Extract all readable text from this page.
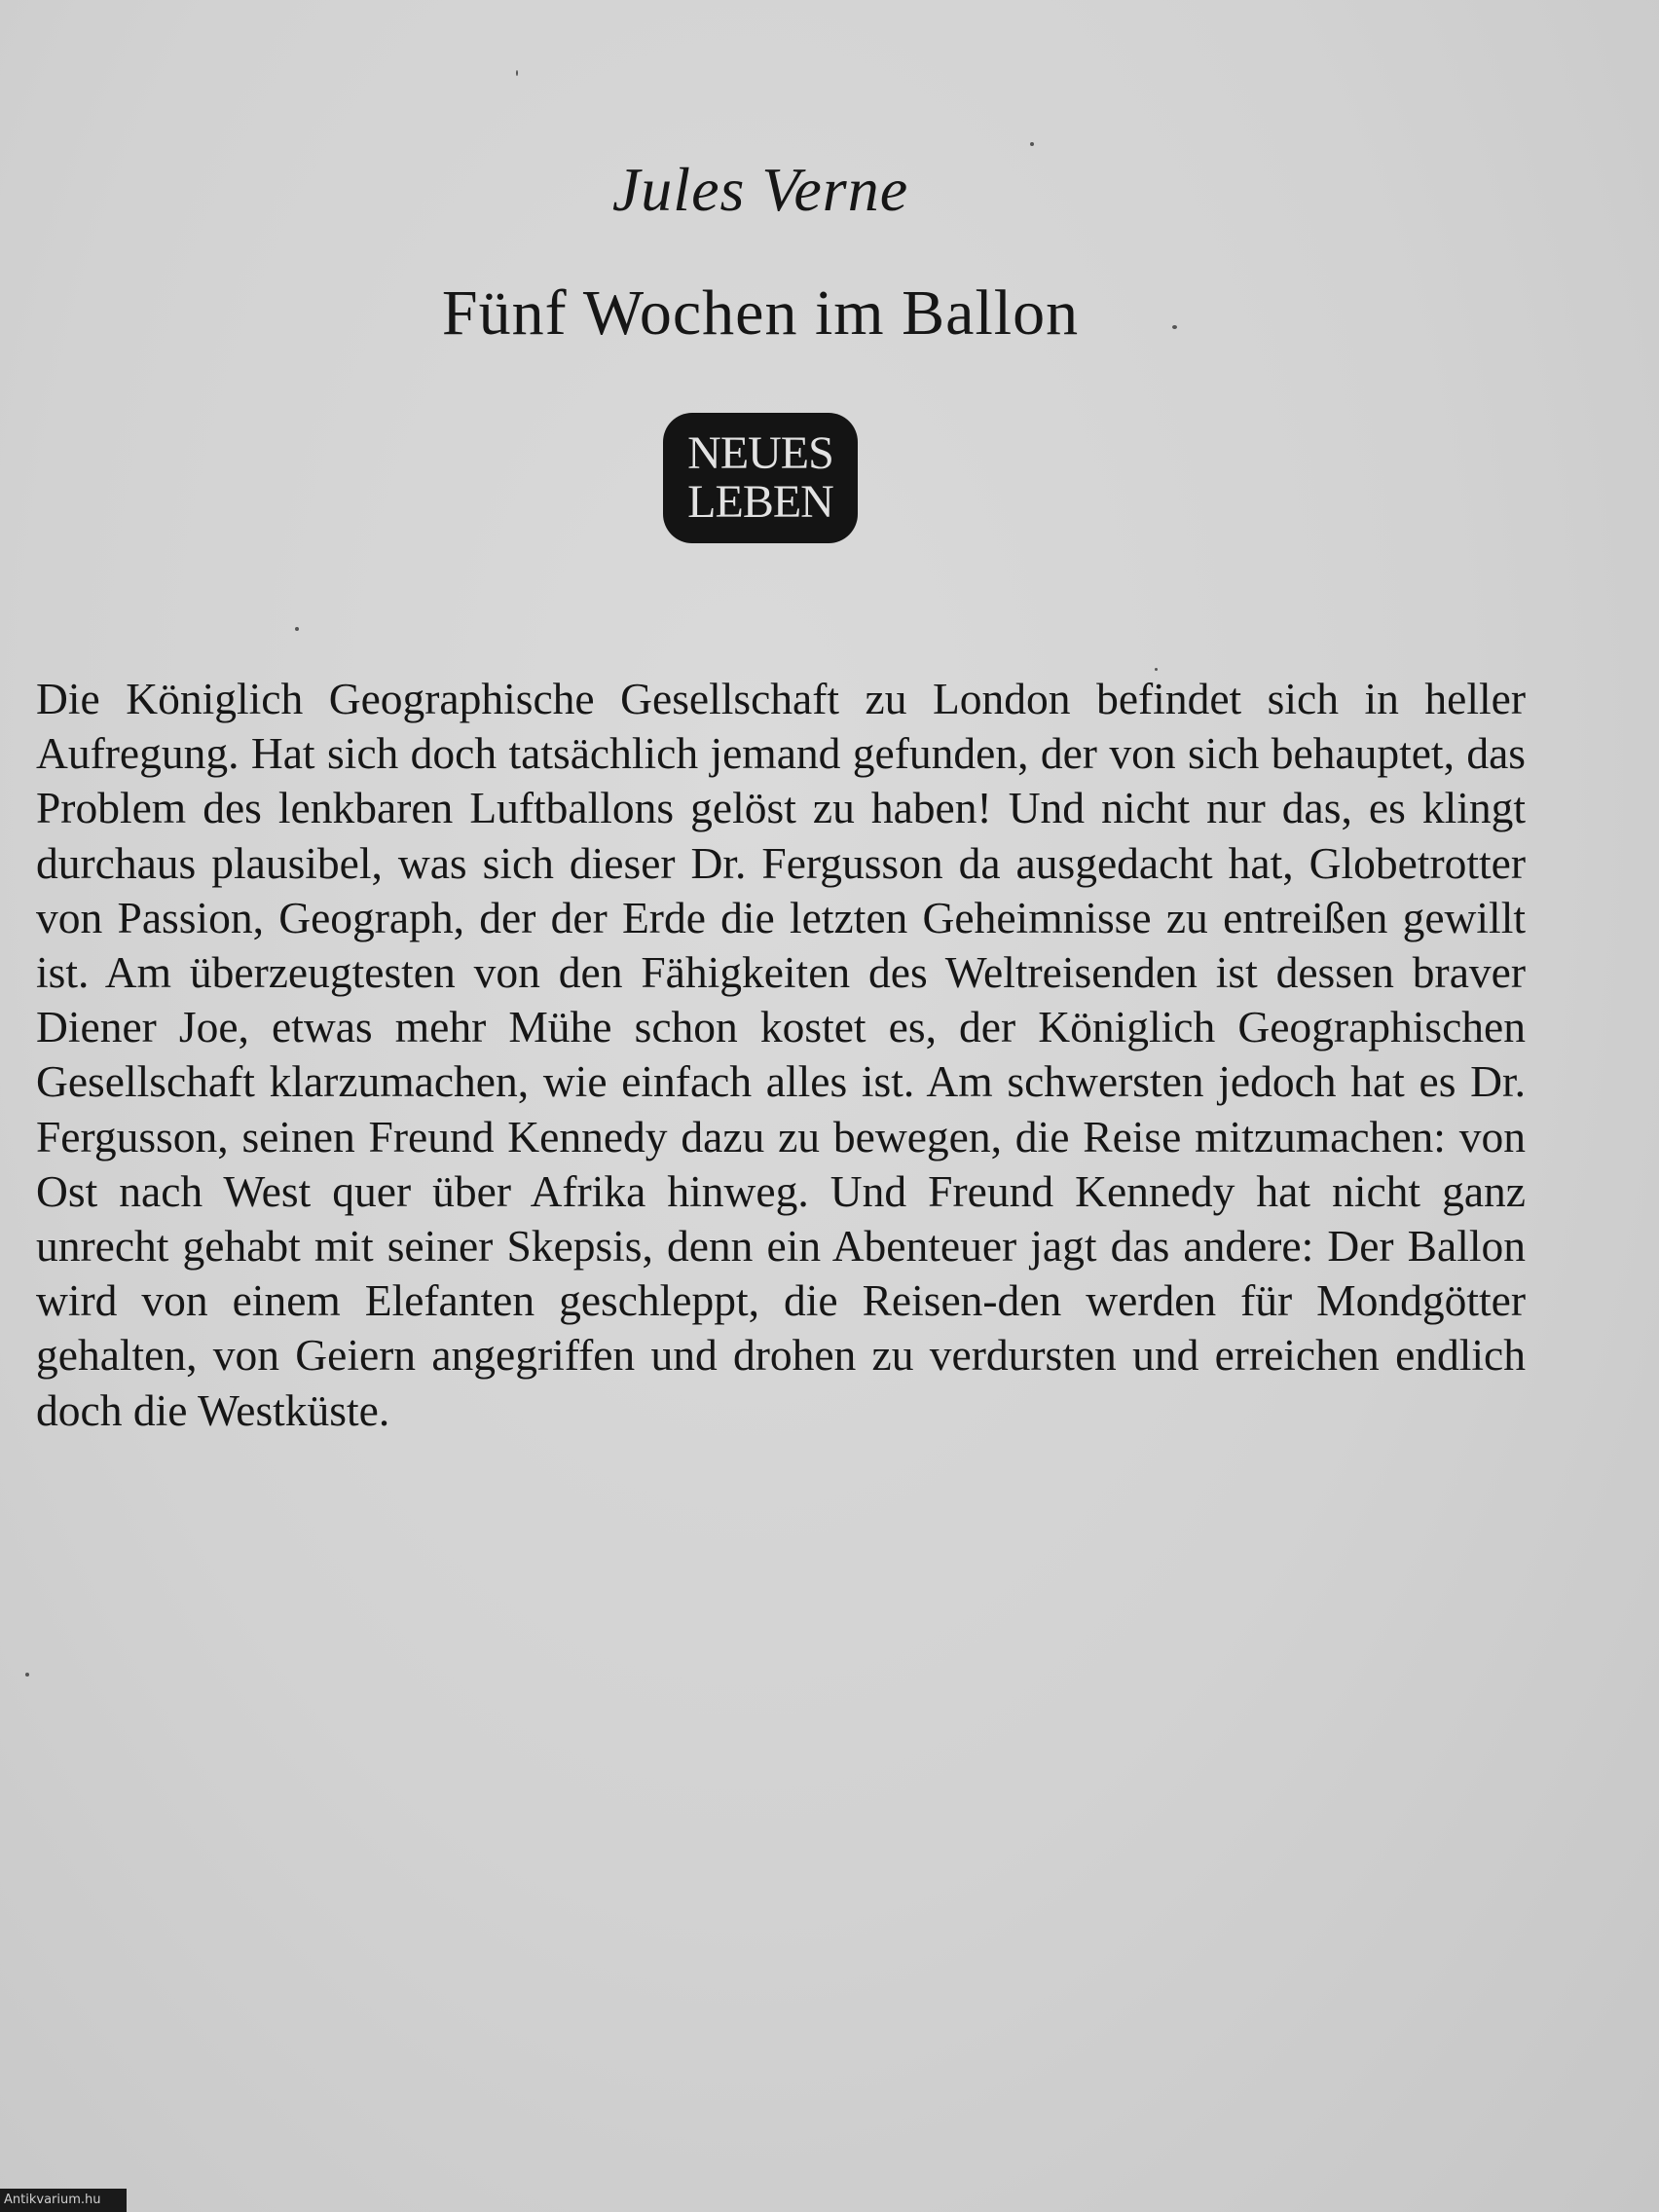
Jules Verne
Fünf Wochen im Ballon
NEUES
LEBEN

Die Königlich Geographische Gesellschaft zu London befindet sich in heller Aufregung. Hat sich doch tatsächlich jemand gefunden, der von sich behauptet, das Problem des lenkbaren Luftballons gelöst zu haben! Und nicht nur das, es klingt durchaus plausibel, was sich dieser Dr. Fergusson da ausgedacht hat, Globetrotter von Passion, Geograph, der der Erde die letzten Geheimnisse zu entreißen gewillt ist. Am überzeugtesten von den Fähigkeiten des Weltreisenden ist dessen braver Diener Joe, etwas mehr Mühe schon kostet es, der Königlich Geographischen Gesellschaft klarzumachen, wie einfach alles ist. Am schwersten jedoch hat es Dr. Fergusson, seinen Freund Kennedy dazu zu bewegen, die Reise mitzumachen: von Ost nach West quer über Afrika hinweg. Und Freund Kennedy hat nicht ganz unrecht gehabt mit seiner Skepsis, denn ein Abenteuer jagt das andere: Der Ballon wird von einem Elefanten geschleppt, die Reisen-den werden für Mondgötter gehalten, von Geiern angegriffen und drohen zu verdursten und erreichen endlich doch die Westküste.

Antikvarium.hu
